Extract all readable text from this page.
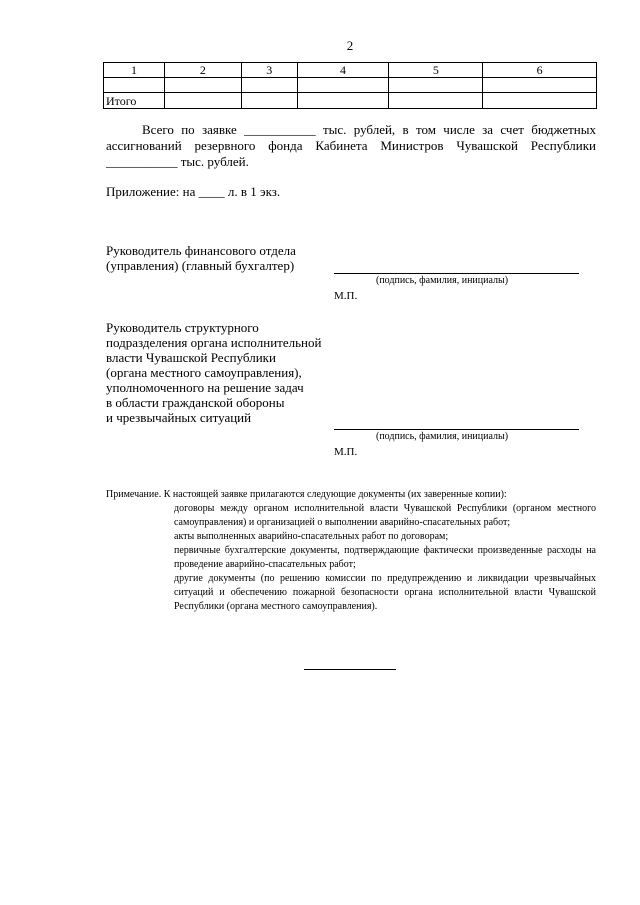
2
1	2	3	4	5	6

Итого					
Всего по заявке ___________ тыс. рублей, в том числе за счет бюджетных ассигнований резервного фонда Кабинета Министров Чувашской Республики ___________ тыс. рублей.
Приложение: на ____ л. в 1 экз.
Руководитель финансового отдела
(управления) (главный бухгалтер)
(подпись, фамилия, инициалы)
М.П.
Руководитель структурного
подразделения органа исполнительной
власти Чувашской Республики
(органа местного самоуправления),
уполномоченного на решение задач
в области гражданской обороны
и чрезвычайных ситуаций
(подпись, фамилия, инициалы)
М.П.
Примечание. К настоящей заявке прилагаются следующие документы (их заверенные копии):
договоры между органом исполнительной власти Чувашской Республики (органом местного самоуправления) и организацией о выполнении аварийно-спасательных работ;
акты выполненных аварийно-спасательных работ по договорам;
первичные бухгалтерские документы, подтверждающие фактически произведенные расходы на проведение аварийно-спасательных работ;
другие документы (по решению комиссии по предупреждению и ликвидации чрезвычайных ситуаций и обеспечению пожарной безопасности органа исполнительной власти Чувашской Республики (органа местного самоуправления).
